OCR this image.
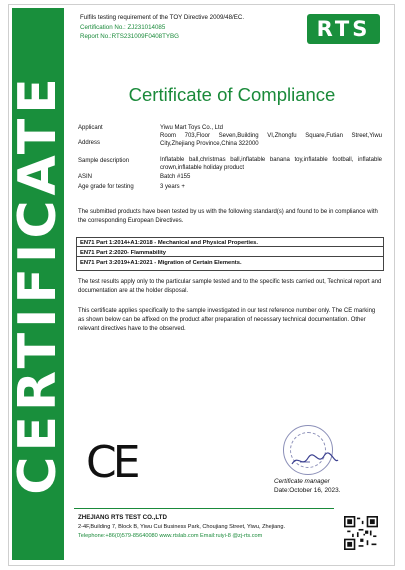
CERTIFICATE
Fulfils testing requirement of the TOY Directive 2009/48/EC.
Certification No.: ZJ231014085
Report No.:RTS231009F0408TYBG	RTS
Certificate of Compliance
Applicant	Yiwu Mart Toys Co., Ltd
Address
Room 703,Floor Seven,Building VI,Zhongfu Square,Futian Street,Yiwu City,Zhejiang Province,China 322000
Sample description	Inflatable ball,christmas ball,inflatable banana toy,inflatable football, inflatable crown,inflatable holiday product
ASIN	Batch #155
Age grade for testing	3 years +
The submitted products have been tested by us with the following standard(s) and found to be in compliance with the corresponding European Directives.
EN71 Part 1:2014+A1:2018 - Mechanical and Physical Properties.
EN71 Part 2:2020- Flammability
EN71 Part 3:2019+A1:2021 - Migration of Certain Elements.
The test results apply only to the particular sample tested and to the specific tests carried out, Technical report and documentation are at the holder disposal.
This certificate applies specifically to the sample investigated in our test reference number only. The CE marking as shown below can be affixed on the product after preparation of necessary technical documentation. Other relevant directives have to the observed.
CE	Certificate manager
Date:October 16, 2023.
ZHEJIANG RTS TEST CO.,LTD
2-4F,Building 7, Block B, Yiwu Cui Business Park, Choujiang Street, Yiwu, Zhejiang.
Telephone:+86(0)579-85640080 www.rtslab.com Email:ruiyi-8 @zj-rts.com
